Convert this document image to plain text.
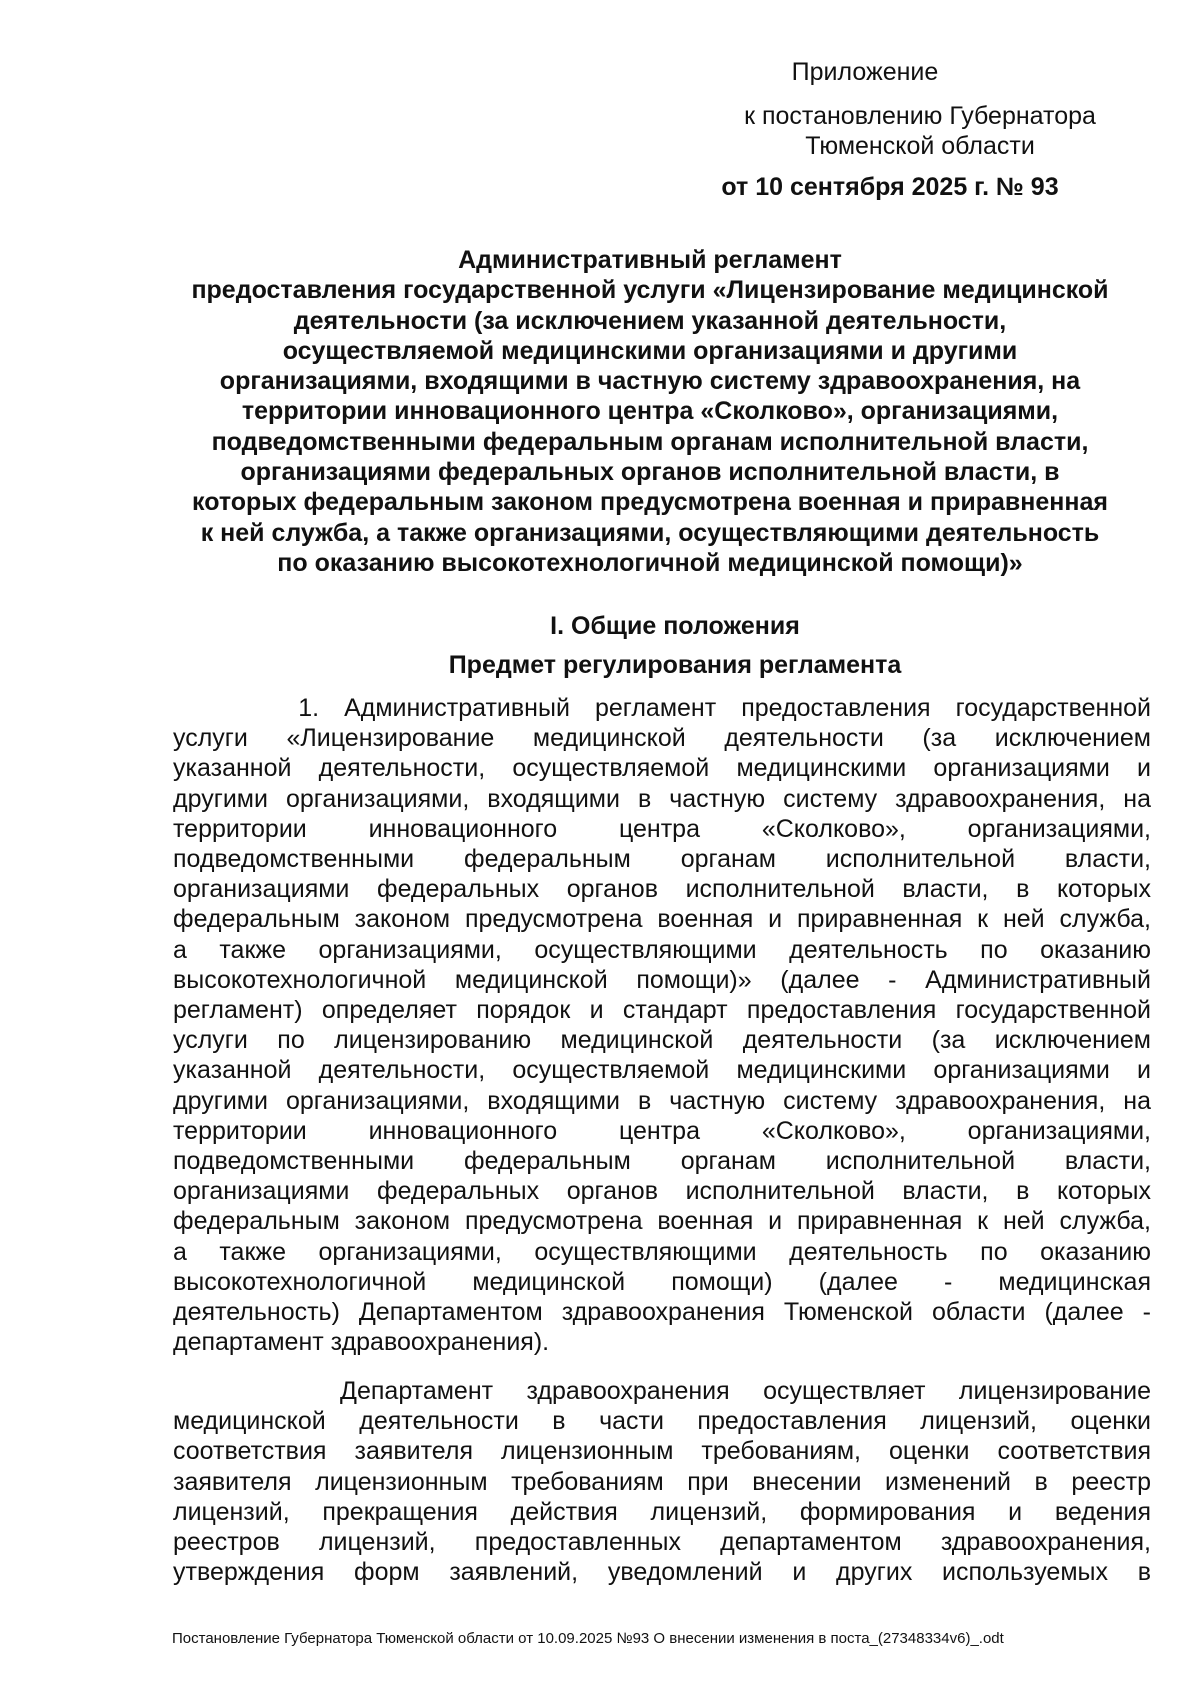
Приложение

к постановлению Губернатора

Тюменской области

от 10 сентября 2025 г. № 93

Административный регламент
предоставления государственной услуги «Лицензирование медицинской
деятельности (за исключением указанной деятельности,
осуществляемой медицинскими организациями и другими
организациями, входящими в частную систему здравоохранения, на
территории инновационного центра «Сколково», организациями,
подведомственными федеральным органам исполнительной власти,
организациями федеральных органов исполнительной власти, в
которых федеральным законом предусмотрена военная и приравненная
к ней служба, а также организациями, осуществляющими деятельность
по оказанию высокотехнологичной медицинской помощи)»
I. Общие положения
Предмет регулирования регламента
1. Административный регламент предоставления государственной
услуги «Лицензирование медицинской деятельности (за исключением
указанной деятельности, осуществляемой медицинскими организациями и
другими организациями, входящими в частную систему здравоохранения, на
территории инновационного центра «Сколково», организациями,
подведомственными федеральным органам исполнительной власти,
организациями федеральных органов исполнительной власти, в которых
федеральным законом предусмотрена военная и приравненная к ней служба,
а также организациями, осуществляющими деятельность по оказанию
высокотехнологичной медицинской помощи)» (далее - Административный
регламент) определяет порядок и стандарт предоставления государственной
услуги по лицензированию медицинской деятельности (за исключением
указанной деятельности, осуществляемой медицинскими организациями и
другими организациями, входящими в частную систему здравоохранения, на
территории инновационного центра «Сколково», организациями,
подведомственными федеральным органам исполнительной власти,
организациями федеральных органов исполнительной власти, в которых
федеральным законом предусмотрена военная и приравненная к ней служба,
а также организациями, осуществляющими деятельность по оказанию
высокотехнологичной медицинской помощи) (далее - медицинская
деятельность) Департаментом здравоохранения Тюменской области (далее -
департамент здравоохранения).
Департамент здравоохранения осуществляет лицензирование
медицинской деятельности в части предоставления лицензий, оценки
соответствия заявителя лицензионным требованиям, оценки соответствия
заявителя лицензионным требованиям при внесении изменений в реестр
лицензий, прекращения действия лицензий, формирования и ведения
реестров лицензий, предоставленных департаментом здравоохранения,
утверждения форм заявлений, уведомлений и других используемых в

Постановление Губернатора Тюменской области от 10.09.2025 №93 О внесении изменения в поста_(27348334v6)_.odt
